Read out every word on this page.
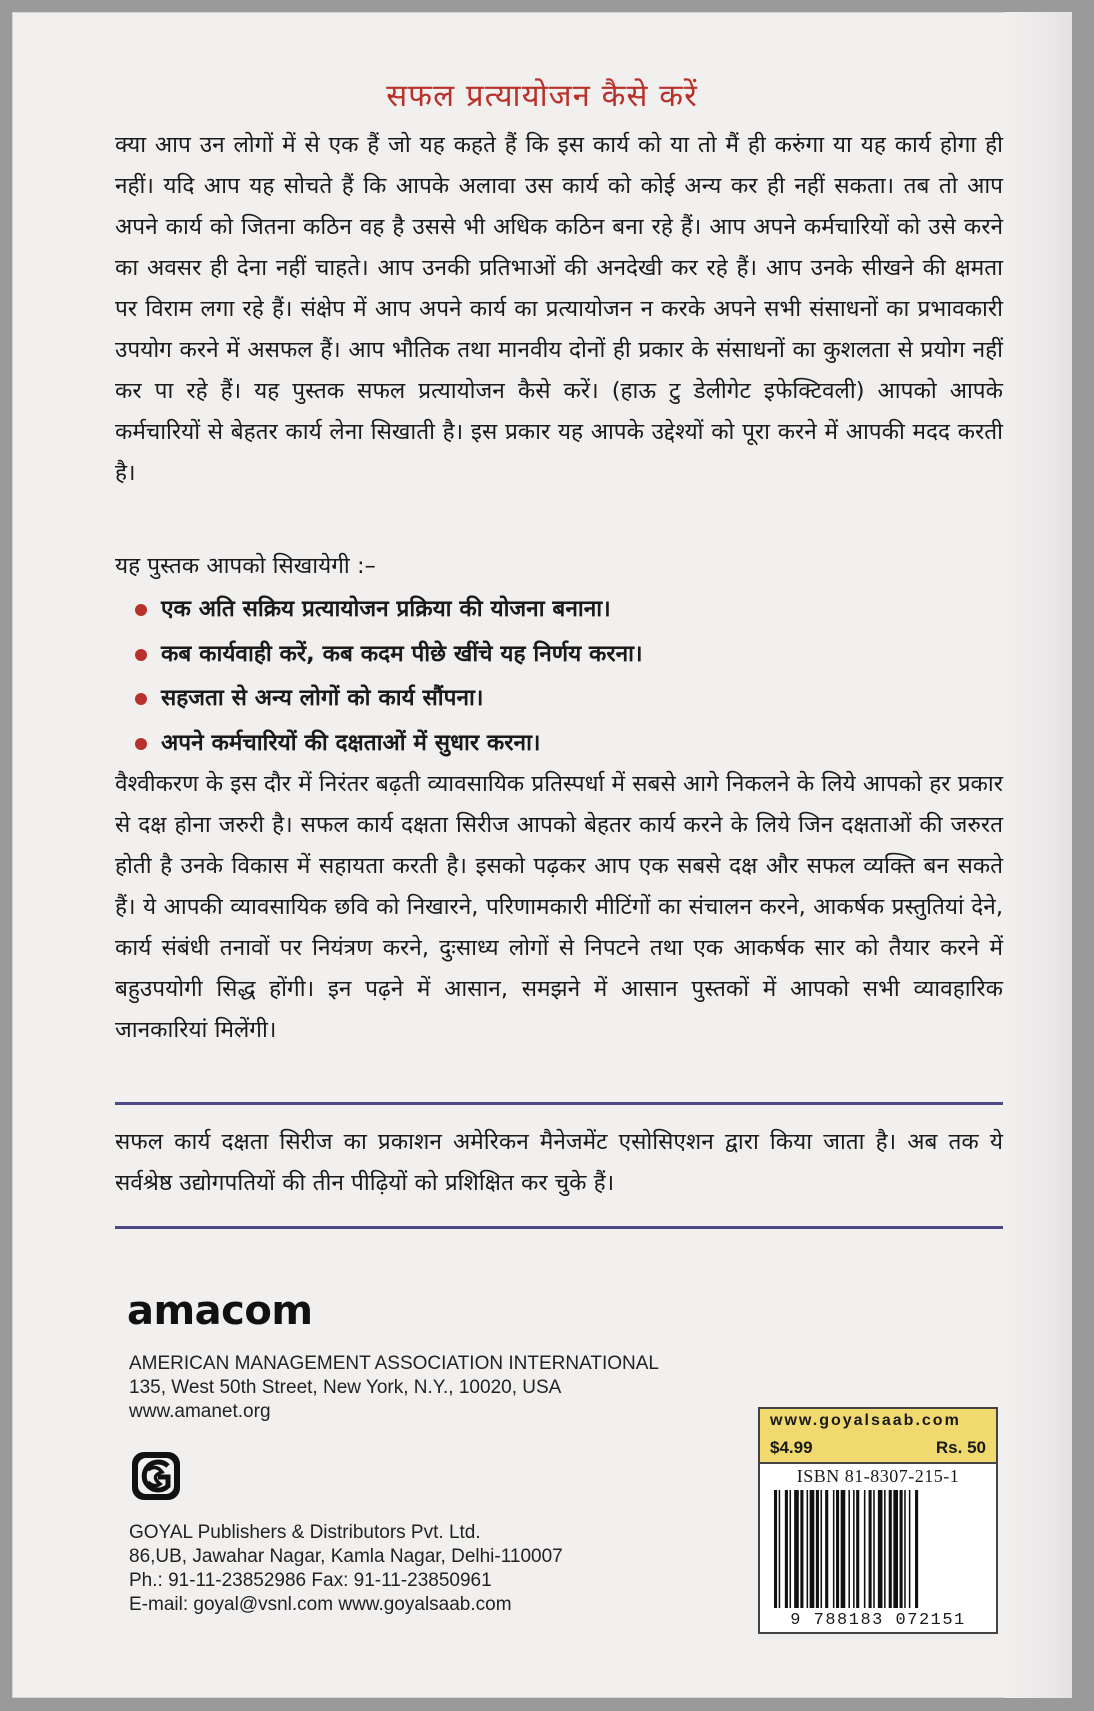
सफल प्रत्यायोजन कैसे करें

क्या आप उन लोगों में से एक हैं जो यह कहते हैं कि इस कार्य को या तो मैं ही करुंगा या यह कार्य होगा ही नहीं। यदि आप यह सोचते हैं कि आपके अलावा उस कार्य को कोई अन्य कर ही नहीं सकता। तब तो आप अपने कार्य को जितना कठिन वह है उससे भी अधिक कठिन बना रहे हैं। आप अपने कर्मचारियों को उसे करने का अवसर ही देना नहीं चाहते। आप उनकी प्रतिभाओं की अनदेखी कर रहे हैं। आप उनके सीखने की क्षमता पर विराम लगा रहे हैं। संक्षेप में आप अपने कार्य का प्रत्यायोजन न करके अपने सभी संसाधनों का प्रभावकारी उपयोग करने में असफल हैं। आप भौतिक तथा मानवीय दोनों ही प्रकार के संसाधनों का कुशलता से प्रयोग नहीं कर पा रहे हैं। यह पुस्तक सफल प्रत्यायोजन कैसे करें। (हाऊ टु डेलीगेट इफेक्टिवली) आपको आपके कर्मचारियों से बेहतर कार्य लेना सिखाती है। इस प्रकार यह आपके उद्देश्यों को पूरा करने में आपकी मदद करती है।

यह पुस्तक आपको सिखायेगी :–

एक अति सक्रिय प्रत्यायोजन प्रक्रिया की योजना बनाना।
कब कार्यवाही करें, कब कदम पीछे खींचे यह निर्णय करना।
सहजता से अन्य लोगों को कार्य सौंपना।
अपने कर्मचारियों की दक्षताओं में सुधार करना।

वैश्वीकरण के इस दौर में निरंतर बढ़ती व्यावसायिक प्रतिस्पर्धा में सबसे आगे निकलने के लिये आपको हर प्रकार से दक्ष होना जरुरी है। सफल कार्य दक्षता सिरीज आपको बेहतर कार्य करने के लिये जिन दक्षताओं की जरुरत होती है उनके विकास में सहायता करती है। इसको पढ़कर आप एक सबसे दक्ष और सफल व्यक्ति बन सकते हैं। ये आपकी व्यावसायिक छवि को निखारने, परिणामकारी मीटिंगों का संचालन करने, आकर्षक प्रस्तुतियां देने, कार्य संबंधी तनावों पर नियंत्रण करने, दुःसाध्य लोगों से निपटने तथा एक आकर्षक सार को तैयार करने में बहुउपयोगी सिद्ध होंगी। इन पढ़ने में आसान, समझने में आसान पुस्तकों में आपको सभी व्यावहारिक जानकारियां मिलेंगी।

सफल कार्य दक्षता सिरीज का प्रकाशन अमेरिकन मैनेजमेंट एसोसिएशन द्वारा किया जाता है। अब तक ये सर्वश्रेष्ठ उद्योगपतियों की तीन पीढ़ियों को प्रशिक्षित कर चुके हैं।

amacom
AMERICAN MANAGEMENT ASSOCIATION INTERNATIONAL
135, West 50th Street, New York, N.Y., 10020, USA
www.amanet.org
GOYAL Publishers & Distributors Pvt. Ltd.
86,UB, Jawahar Nagar, Kamla Nagar, Delhi-110007
Ph.: 91-11-23852986 Fax: 91-11-23850961
E-mail: goyal@vsnl.com www.goyalsaab.com
www.goyalsaab.com
$4.99	Rs. 50
ISBN 81-8307-215-1
9 788183 072151
